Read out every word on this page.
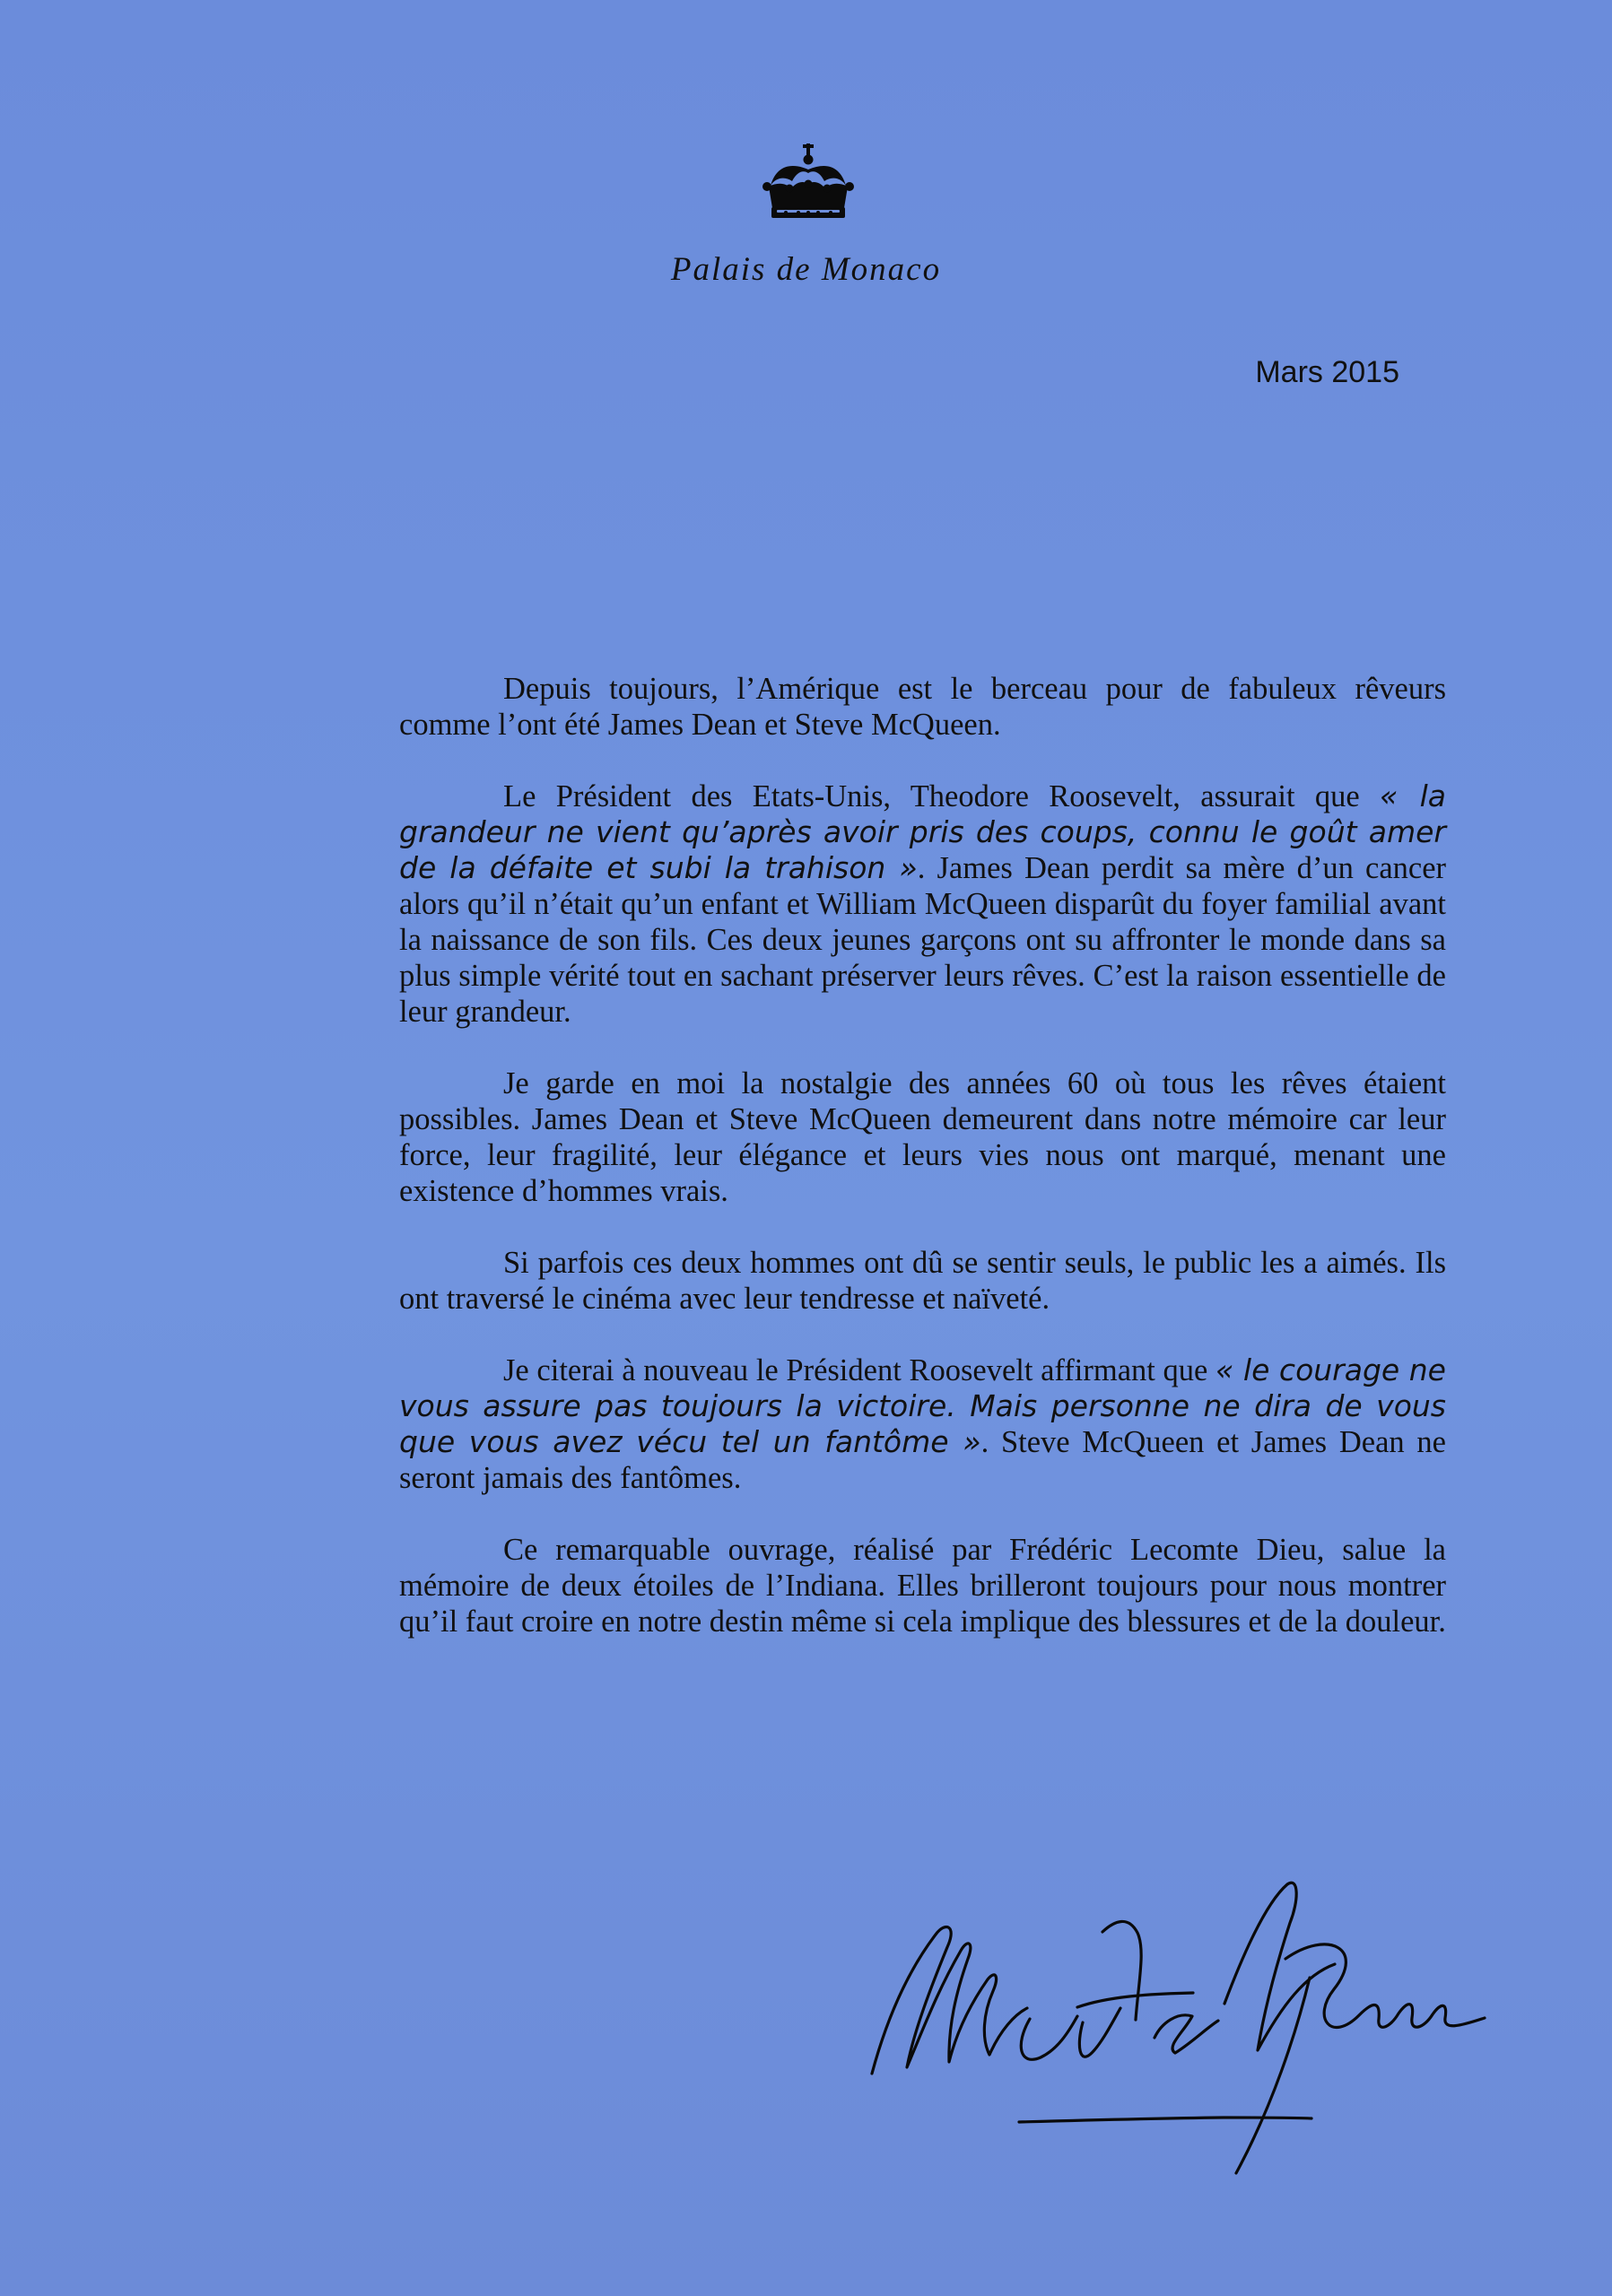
Palais de Monaco
Mars 2015

Depuis toujours, l’Amérique est le berceau pour de fabuleux rêveurs comme l’ont été James Dean et Steve McQueen.

Le Président des Etats-Unis, Theodore Roosevelt, assurait que « la grandeur ne vient qu’après avoir pris des coups, connu le goût amer de la défaite et subi la trahison ». James Dean perdit sa mère d’un cancer alors qu’il n’était qu’un enfant et William McQueen disparût du foyer familial avant la naissance de son fils. Ces deux jeunes garçons ont su affronter le monde dans sa plus simple vérité tout en sachant préserver leurs rêves. C’est la raison essentielle de leur grandeur.

Je garde en moi la nostalgie des années 60 où tous les rêves étaient possibles. James Dean et Steve McQueen demeurent dans notre mémoire car leur force, leur fragilité, leur élégance et leurs vies nous ont marqué, menant une existence d’hommes vrais.

Si parfois ces deux hommes ont dû se sentir seuls, le public les a aimés. Ils ont traversé le cinéma avec leur tendresse et naïveté.

Je citerai à nouveau le Président Roosevelt affirmant que « le courage ne vous assure pas toujours la victoire. Mais personne ne dira de vous que vous avez vécu tel un fantôme ». Steve McQueen et James Dean ne seront jamais des fantômes.

Ce remarquable ouvrage, réalisé par Frédéric Lecomte Dieu, salue la mémoire de deux étoiles de l’Indiana. Elles brilleront toujours pour nous montrer qu’il faut croire en notre destin même si cela implique des blessures et de la douleur.
